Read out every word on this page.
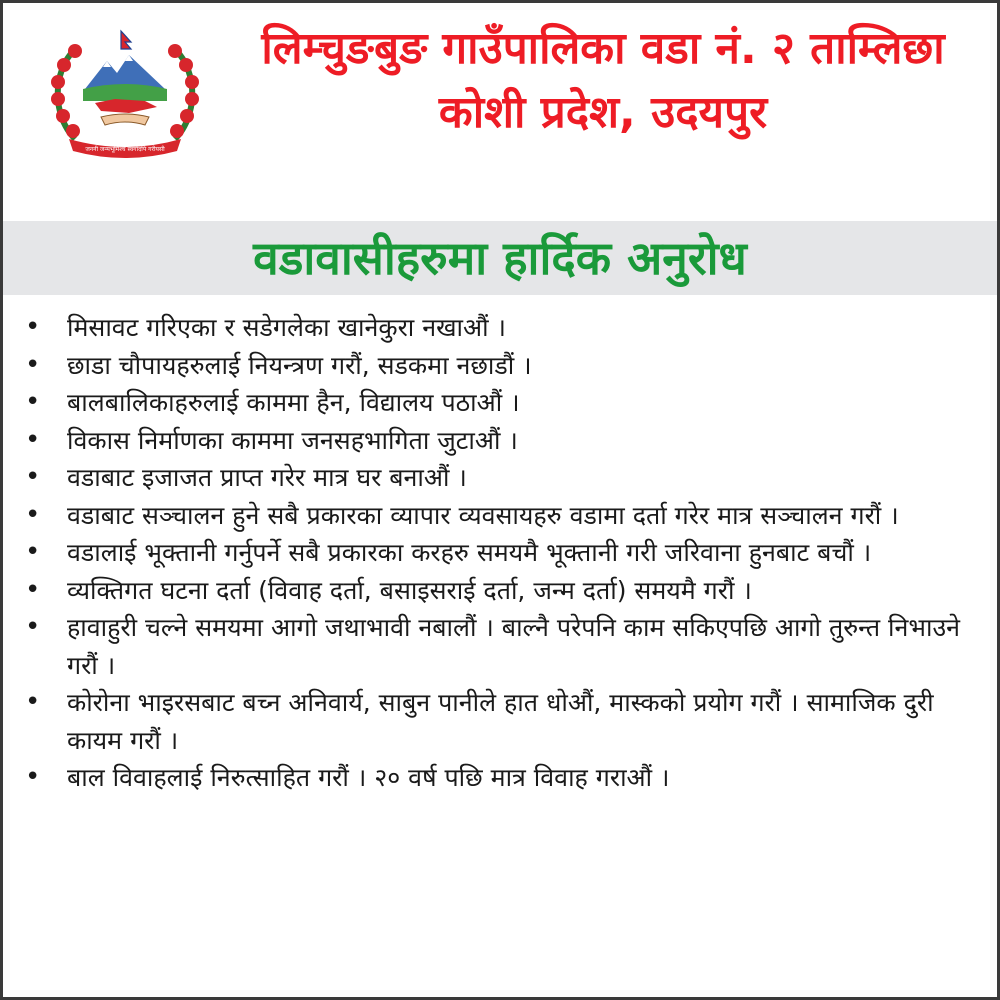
जननी जन्मभूमिश्च स्वर्गादपि गरीयसी
लिम्चुङबुङ गाउँपालिका वडा नं. २ ताम्लिछा
कोशी प्रदेश, उदयपुर
वडावासीहरुमा हार्दिक अनुरोध
• मिसावट गरिएका र सडेगलेका खानेकुरा नखाऔं ।
• छाडा चौपायहरुलाई नियन्त्रण गरौं, सडकमा नछाडौं ।
• बालबालिकाहरुलाई काममा हैन, विद्यालय पठाऔं ।
• विकास निर्माणका काममा जनसहभागिता जुटाऔं ।
• वडाबाट इजाजत प्राप्त गरेर मात्र घर बनाऔं ।
• वडाबाट सञ्चालन हुने सबै प्रकारका व्यापार व्यवसायहरु वडामा दर्ता गरेर मात्र सञ्चालन गरौं ।
• वडालाई भूक्तानी गर्नुपर्ने सबै प्रकारका करहरु समयमै भूक्तानी गरी जरिवाना हुनबाट बचौं ।
• व्यक्तिगत घटना दर्ता (विवाह दर्ता, बसाइसराई दर्ता, जन्म दर्ता) समयमै गरौं ।
• हावाहुरी चल्ने समयमा आगो जथाभावी नबालौं । बाल्नै परेपनि काम सकिएपछि आगो तुरुन्त निभाउने गरौं ।
• कोरोना भाइरसबाट बच्न अनिवार्य, साबुन पानीले हात धोऔं, मास्कको प्रयोग गरौं । सामाजिक दुरी कायम गरौं ।
• बाल विवाहलाई निरुत्साहित गरौं । २० वर्ष पछि मात्र विवाह गराऔं ।
